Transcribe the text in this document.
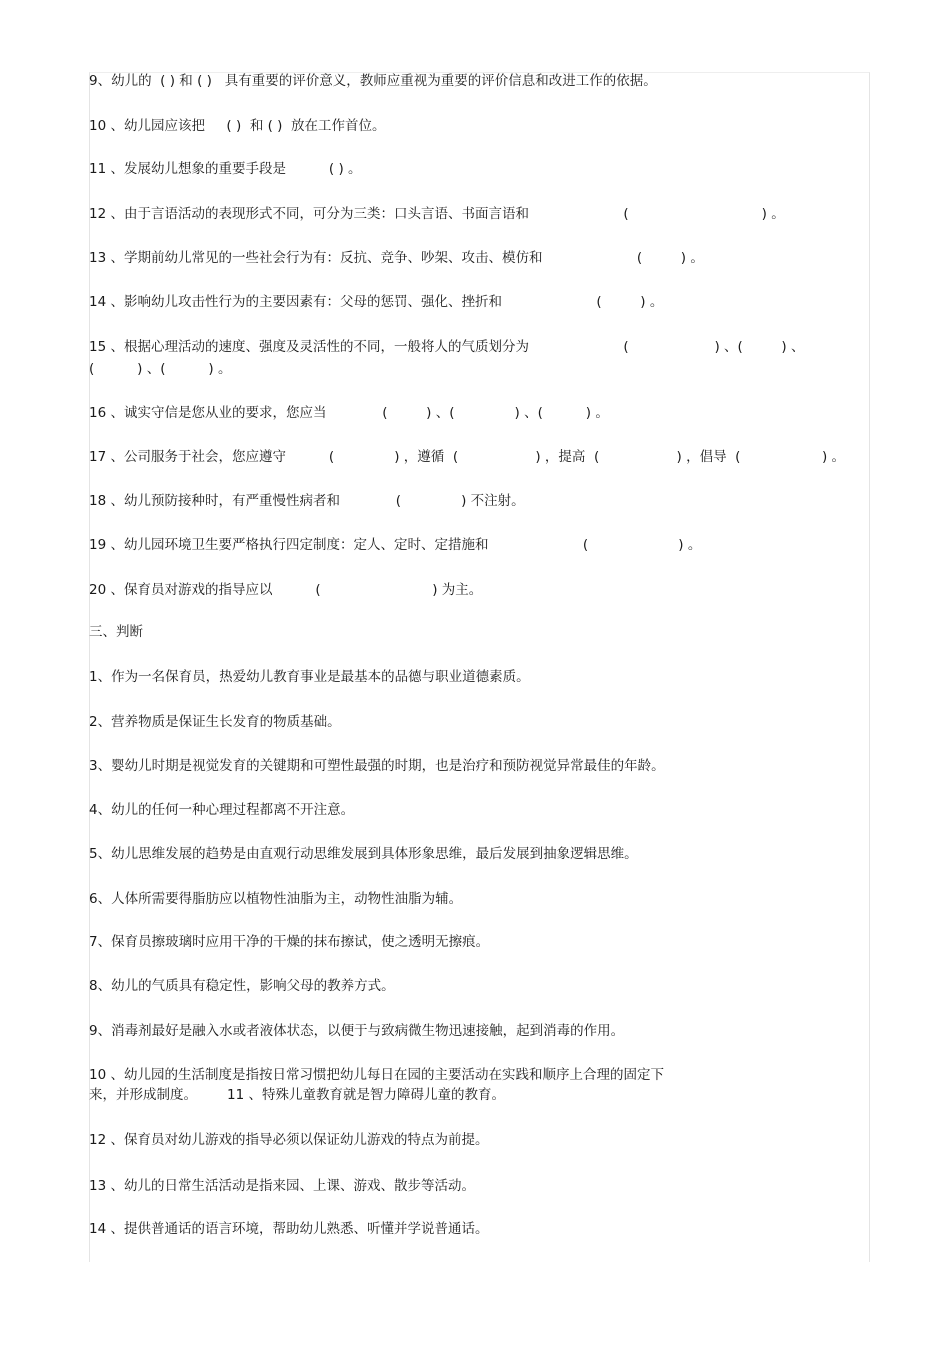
9、幼儿的  ( ) 和 ( )   具有重要的评价意义，教师应重视为重要的评价信息和改进工作的依据。

10 、幼儿园应该把     ( )  和 ( )  放在工作首位。

11 、发展幼儿想象的重要手段是          ( ) 。

12 、由于言语活动的表现形式不同，可分为三类：口头言语、书面言语和                      (                               ) 。

13 、学期前幼儿常见的一些社会行为有：反抗、竞争、吵架、攻击、模仿和                      (         ) 。

14 、影响幼儿攻击性行为的主要因素有：父母的惩罚、强化、挫折和                      (         ) 。

15 、根据心理活动的速度、强度及灵活性的不同，一般将人的气质划分为                      (                    ) 、(         ) 、

(          ) 、(          ) 。

16 、诚实守信是您从业的要求，您应当             (         ) 、(              ) 、(          ) 。

17 、公司服务于社会，您应遵守          (              ) ，遵循  (                  ) ，提高  (                  ) ，倡导  (                   ) 。

18 、幼儿预防接种时，有严重慢性病者和             (              ) 不注射。

19 、幼儿园环境卫生要严格执行四定制度：定人、定时、定措施和                      (                     ) 。

20 、保育员对游戏的指导应以          (                          ) 为主。

三、判断

1、作为一名保育员，热爱幼儿教育事业是最基本的品德与职业道德素质。

2、营养物质是保证生长发育的物质基础。

3、婴幼儿时期是视觉发育的关键期和可塑性最强的时期，也是治疗和预防视觉异常最佳的年龄。

4、幼儿的任何一种心理过程都离不开注意。

5、幼儿思维发展的趋势是由直观行动思维发展到具体形象思维，最后发展到抽象逻辑思维。

6、人体所需要得脂肪应以植物性油脂为主，动物性油脂为辅。

7、保育员擦玻璃时应用干净的干燥的抹布擦试，使之透明无擦痕。

8、幼儿的气质具有稳定性，影响父母的教养方式。

9、消毒剂最好是融入水或者液体状态，以便于与致病微生物迅速接触，起到消毒的作用。

10 、幼儿园的生活制度是指按日常习惯把幼儿每日在园的主要活动在实践和顺序上合理的固定下

来，并形成制度。       11 、特殊儿童教育就是智力障碍儿童的教育。

12 、保育员对幼儿游戏的指导必须以保证幼儿游戏的特点为前提。

13 、幼儿的日常生活活动是指来园、上课、游戏、散步等活动。

14 、提供普通话的语言环境，帮助幼儿熟悉、听懂并学说普通话。
